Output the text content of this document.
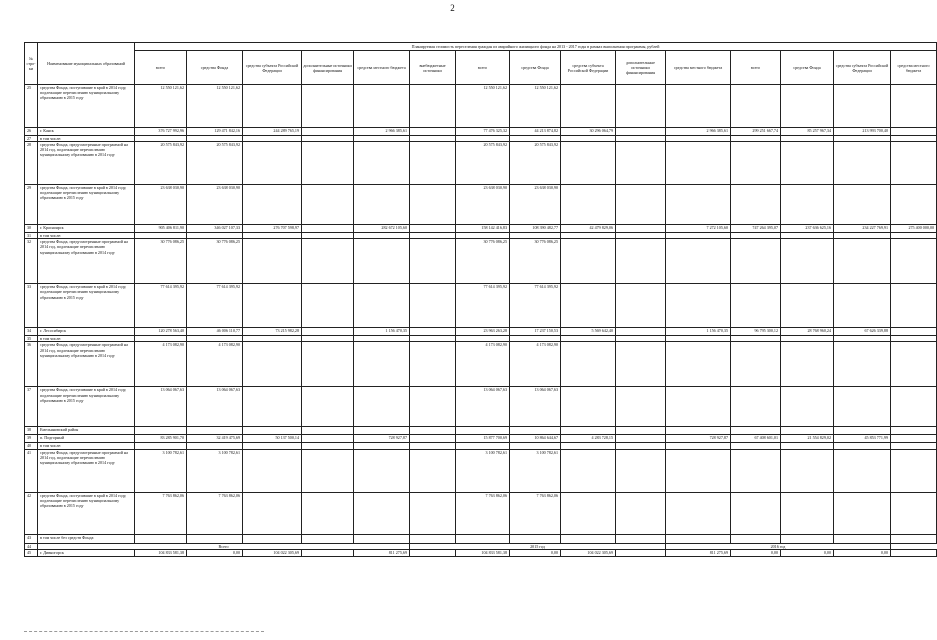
2
№ стро-ки	Наименование муниципальных образований	Планируемая стоимость переселения граждан из аварийного жилищного фонда на 2013 - 2017 годы в рамках выполнения программы, рублей														
		всего	средства Фонда	средства субъекта Российской Федерации	дополнительные источники финансирования	средства местного бюджета	внебюджетные источники	всего	средства Фонда	средства субъекта Российской Федерации	дополнительные источники финансирования	средства местного бюджета	всего	средства Фонда	средства субъекта Российской Федерации	средства местного бюджета
25	средства Фонда, поступившие в край в 2014 году, подлежащие перечислению муниципальному образованию в 2015 году	12 550 121,62	12 550 121,62					12 550 121,62	12 550 121,62							
26	г. Канск	376 727 992,96	129 471 842,16	244 289 765,19		2 966 385,61		77 476 325,32	44 213 874,82	30 296 064,79		2 966 385,61	299 251 667,74	85 257 967,34	213 993 700,40	
27	в том числе:															
28	средства Фонда, предусмотренные программой на 2014 год, подлежащие перечислению муниципальному образованию в 2014 году	20 575 843,92	20 575 843,92					20 575 843,92	20 575 843,92							
29	средства Фонда, поступившие в край в 2014 году, подлежащие перечислению муниципальному образованию в 2015 году	23 638 030,90	23 638 030,90					23 638 030,90	23 638 030,90							
30	г. Красноярск	905 406 811,90	346 027 107,33	276 707 598,97		282 672 105,60		158 142 416,83	108 390 482,77	42 479 829,06		7 272 105,60	747 264 395,07	237 636 625,16	234 227 769,91	275 400 000,00
31	в том числе:															
32	средства Фонда, предусмотренные программой на 2014 год, подлежащие перечислению муниципальному образованию в 2014 году	30 776 086,25	30 776 086,25					30 776 086,25	30 776 086,25							
33	средства Фонда, поступившие в край в 2014 году, подлежащие перечислению муниципальному образованию в 2015 году	77 614 395,92	77 614 395,92					77 614 395,92	77 614 395,92							
34	г. Лесосибирск	120 278 563,40	46 006 110,77	73 215 982,28		1 156 470,35		23 963 263,28	17 237 150,53	5 569 642,40		1 156 470,35	96 795 300,12	28 768 960,24	67 626 339,88	
35	в том числе:															
36	средства Фонда, предусмотренные программой на 2014 год, подлежащие перечислению муниципальному образованию в 2014 году	4 173 082,90	4 173 082,90					4 173 082,90	4 173 082,90							
37	средства Фонда, поступившие в край в 2014 году, подлежащие перечислению муниципальному образованию в 2015 году	13 064 067,63	13 064 067,63					13 064 067,63	13 064 067,63							
38	Емельяновский район															
39	п. Подгорный	83 285 901,70	32 419 475,69	50 137 500,14		728 927,87		15 877 700,69	10 864 644,67	4 283 728,15		728 927,87	67 408 601,01	21 554 829,02	45 853 771,99	
40	в том числе:															
41	средства Фонда, предусмотренные программой на 2014 год, подлежащие перечислению муниципальному образованию в 2014 году	3 100 782,61	3 100 782,61					3 100 782,61	3 100 782,61							
42	средства Фонда, поступившие в край в 2014 году, подлежащие перечислению муниципальному образованию в 2015 году	7 763 862,06	7 763 862,06					7 763 862,06	7 763 862,06							
43	в том числе без средств Фонда															
44	Всего						2015 год					2016 год				
45	г. Дивногорск	104 833 581,38	0,00	104 022 305,69		811 275,69		104 833 581,38	0,00	104 022 305,69		811 275,69	0,00	0,00	0,00	
